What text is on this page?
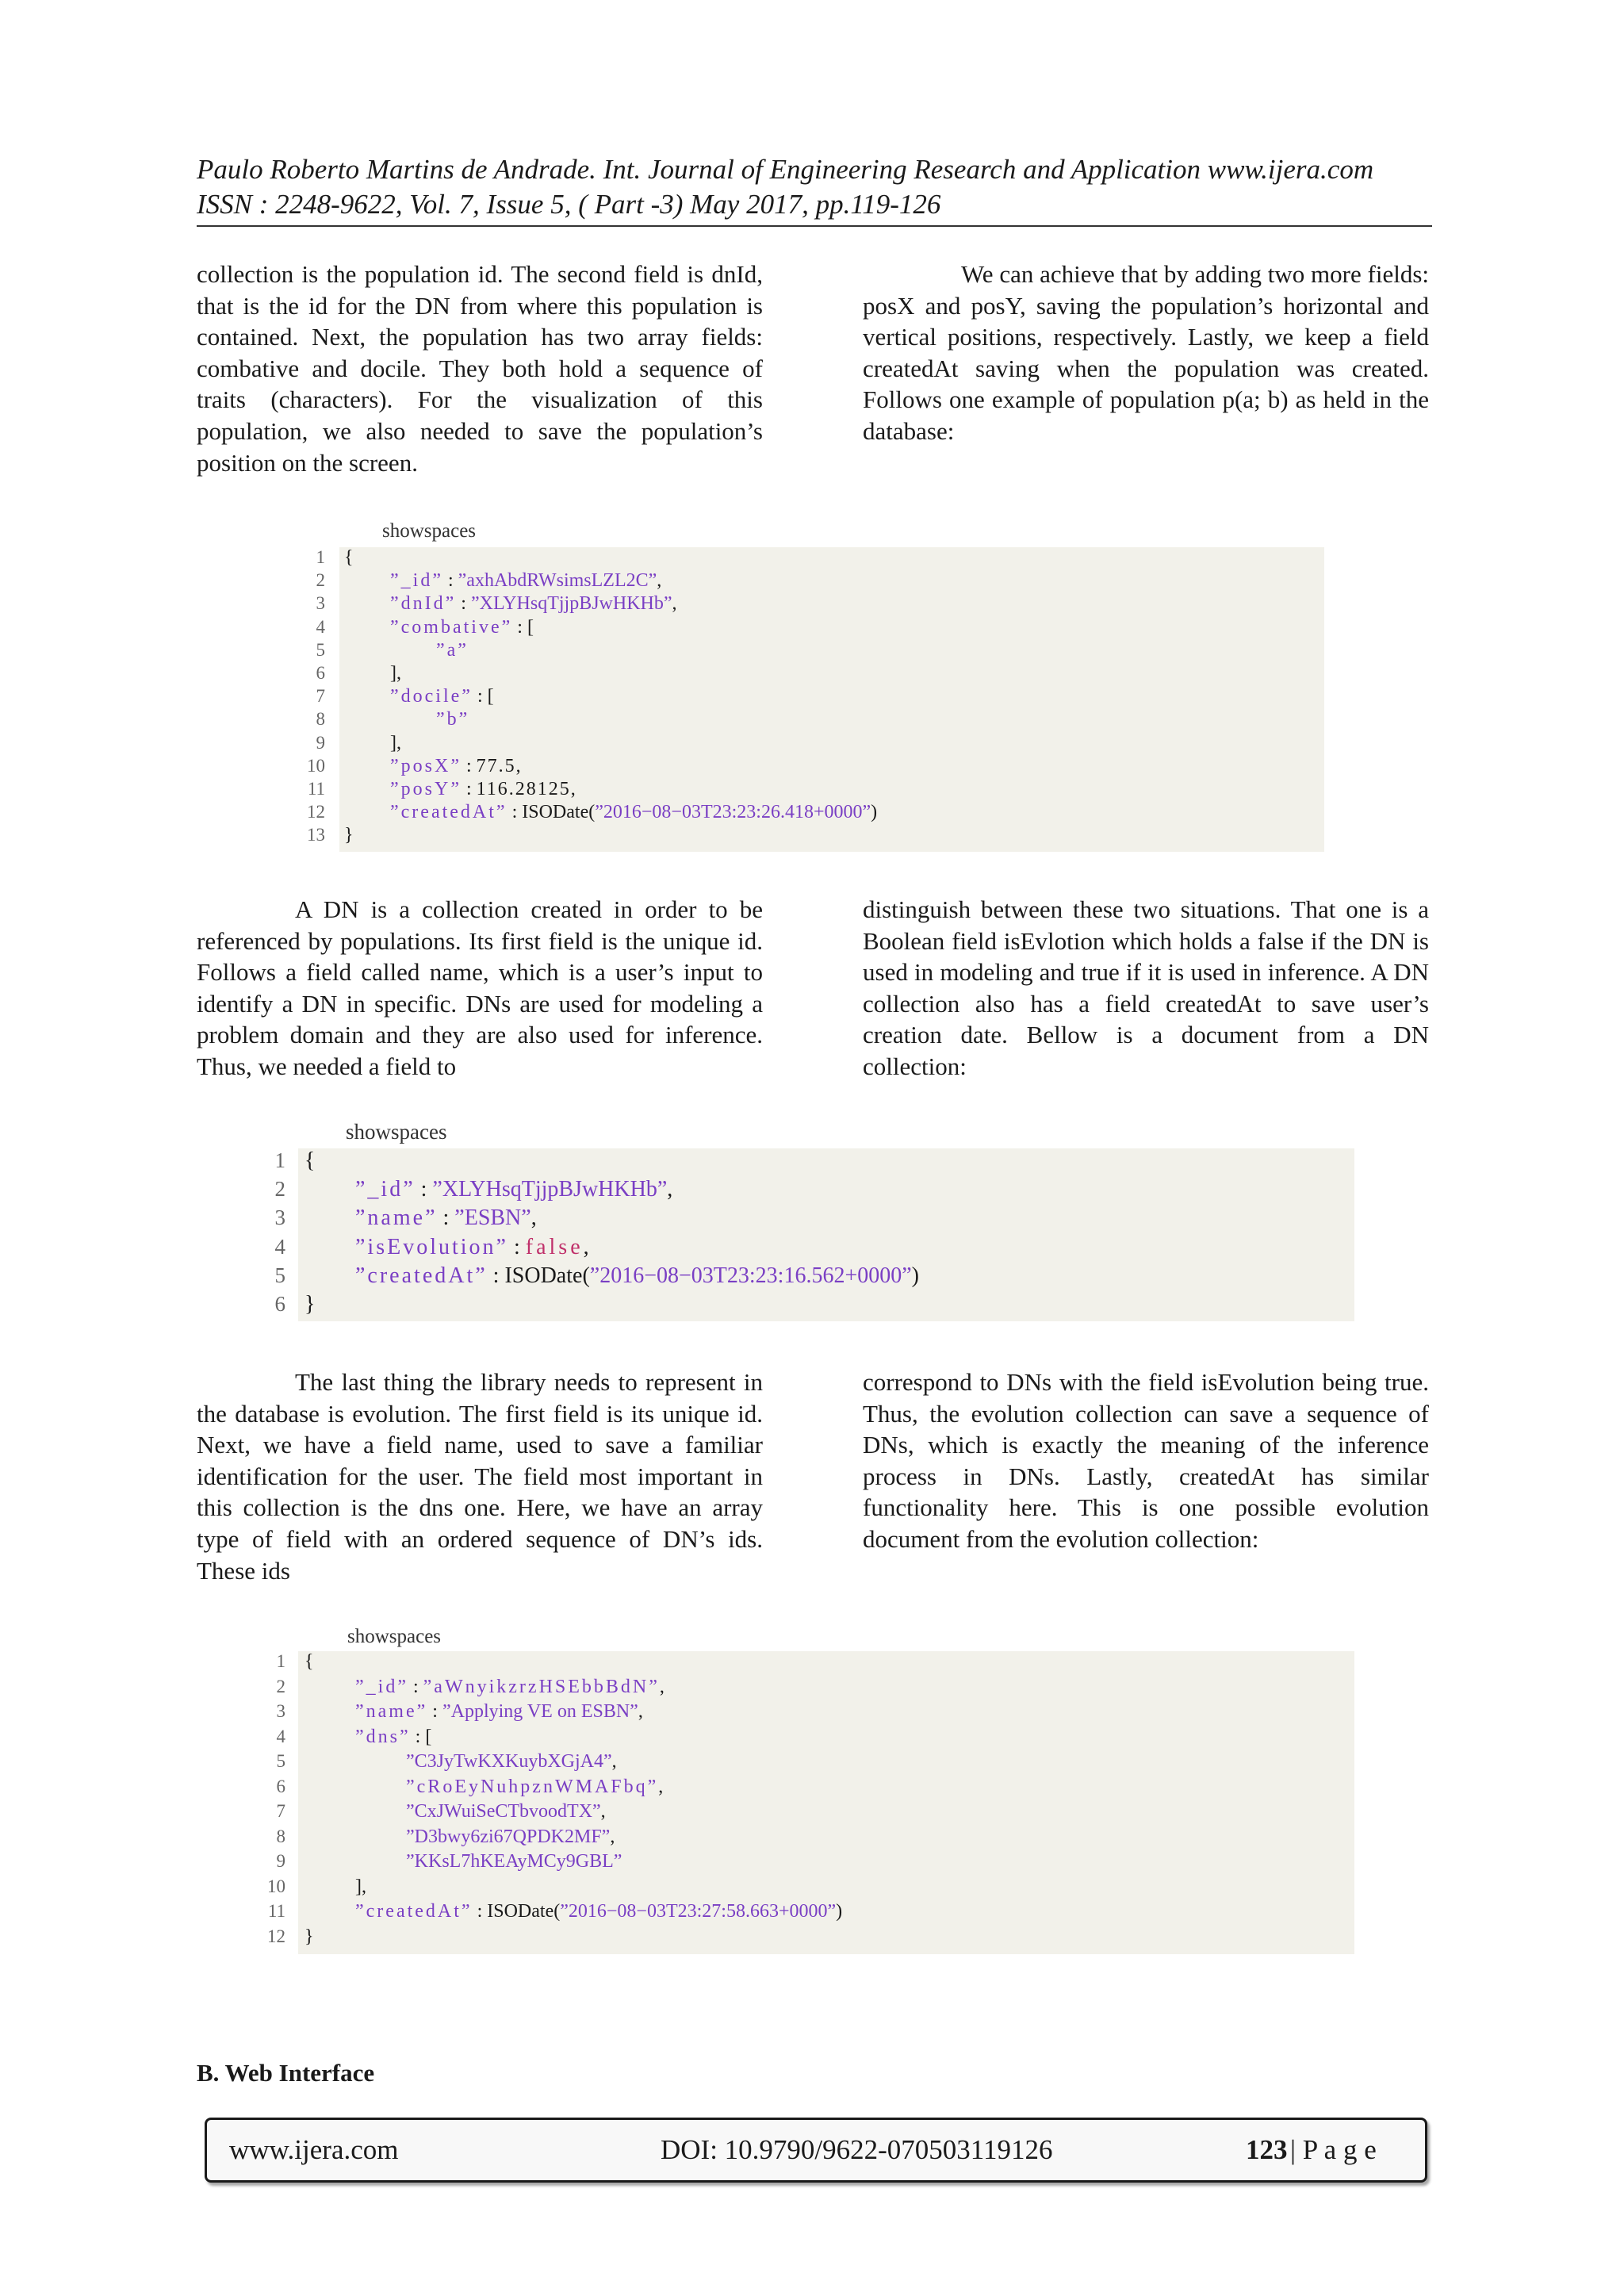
Paulo Roberto Martins de Andrade. Int. Journal of Engineering Research and Application www.ijera.com
ISSN : 2248-9622, Vol. 7, Issue 5, ( Part -3) May 2017, pp.119-126

collection is the population id. The second field is dnId, that is the id for the DN from where this population is contained. Next, the population has two array fields: combative and docile. They both hold a sequence of traits (characters). For the visualization of this population, we also needed to save the population’s position on the screen.

We can achieve that by adding two more fields: posX and posY, saving the population’s horizontal and vertical positions, respectively. Lastly, we keep a field createdAt saving when the population was created. Follows one example of population p(a; b) as held in the database:

showspaces
1 {
2	”_id” : ”axhAbdRWsimsLZL2C”,
3	”dnId” : ”XLYHsqTjjpBJwHKHb”,
4	”combative” : [
5	”a”
6	],
7	”docile” : [
8	”b”
9	],
10	”posX” : 77.5,
11	”posY” : 116.28125,
12	”createdAt” : ISODate(”2016−08−03T23:23:26.418+0000”)
13 }

A DN is a collection created in order to be referenced by populations. Its first field is the unique id. Follows a field called name, which is a user’s input to identify a DN in specific. DNs are used for modeling a problem domain and they are also used for inference. Thus, we needed a field to

distinguish between these two situations. That one is a Boolean field isEvlotion which holds a false if the DN is used in modeling and true if it is used in inference. A DN collection also has a field createdAt to save user’s creation date. Bellow is a document from a DN collection:

showspaces
1 {
2	”_id” : ”XLYHsqTjjpBJwHKHb”,
3	”name” : ”ESBN”,
4	”isEvolution” : false,
5	”createdAt” : ISODate(”2016−08−03T23:23:16.562+0000”)
6 }

The last thing the library needs to represent in the database is evolution. The first field is its unique id. Next, we have a field name, used to save a familiar identification for the user. The field most important in this collection is the dns one. Here, we have an array type of field with an ordered sequence of DN’s ids. These ids

correspond to DNs with the field isEvolution being true. Thus, the evolution collection can save a sequence of DNs, which is exactly the meaning of the inference process in DNs. Lastly, createdAt has similar functionality here. This is one possible evolution document from the evolution collection:

showspaces
1 {
2	”_id” : ”aWnyikzrzHSEbbBdN”,
3	”name” : ”Applying VE on ESBN”,
4	”dns” : [
5	”C3JyTwKXKuybXGjA4”,
6	”cRoEyNuhpznWMAFbq”,
7	”CxJWuiSeCTbvoodTX”,
8	”D3bwy6zi67QPDK2MF”,
9	”KKsL7hKEAyMCy9GBL”
10	],
11	”createdAt” : ISODate(”2016−08−03T23:27:58.663+0000”)
12 }
B. Web Interface
www.ijera.com	DOI: 10.9790/9622-070503119126	123 | P a g e
